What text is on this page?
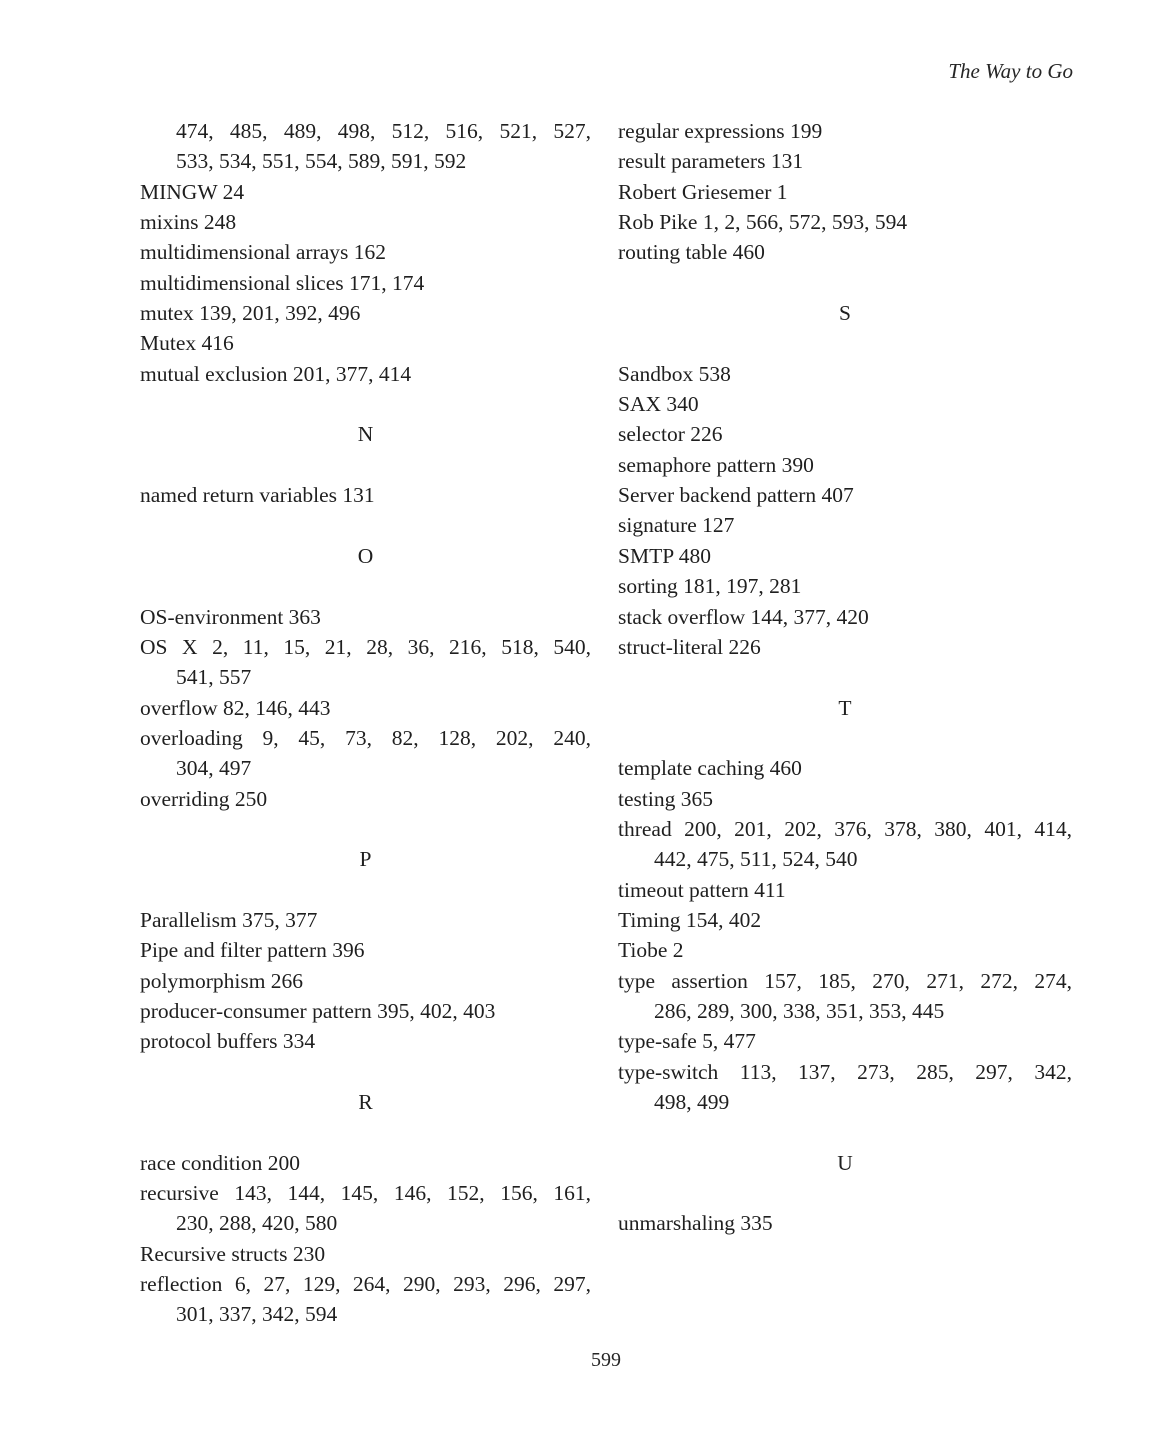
The Way to Go
474, 485, 489, 498, 512, 516, 521, 527,
533, 534, 551, 554, 589, 591, 592
MINGW 24
mixins 248
multidimensional arrays 162
multidimensional slices 171, 174
mutex 139, 201, 392, 496
Mutex 416
mutual exclusion 201, 377, 414
N
named return variables 131
O
OS-environment 363
OS X 2, 11, 15, 21, 28, 36, 216, 518, 540,
541, 557
overflow 82, 146, 443
overloading 9, 45, 73, 82, 128, 202, 240,
304, 497
overriding 250
P
Parallelism 375, 377
Pipe and filter pattern 396
polymorphism 266
producer-consumer pattern 395, 402, 403
protocol buffers 334
R
race condition 200
recursive 143, 144, 145, 146, 152, 156, 161,
230, 288, 420, 580
Recursive structs 230
reflection 6, 27, 129, 264, 290, 293, 296, 297,
301, 337, 342, 594
regular expressions 199
result parameters 131
Robert Griesemer 1
Rob Pike 1, 2, 566, 572, 593, 594
routing table 460
S
Sandbox 538
SAX 340
selector 226
semaphore pattern 390
Server backend pattern 407
signature 127
SMTP 480
sorting 181, 197, 281
stack overflow 144, 377, 420
struct-literal 226
T
template caching 460
testing 365
thread 200, 201, 202, 376, 378, 380, 401, 414,
442, 475, 511, 524, 540
timeout pattern 411
Timing 154, 402
Tiobe 2
type assertion 157, 185, 270, 271, 272, 274,
286, 289, 300, 338, 351, 353, 445
type-safe 5, 477
type-switch 113, 137, 273, 285, 297, 342,
498, 499
U
unmarshaling 335
599
